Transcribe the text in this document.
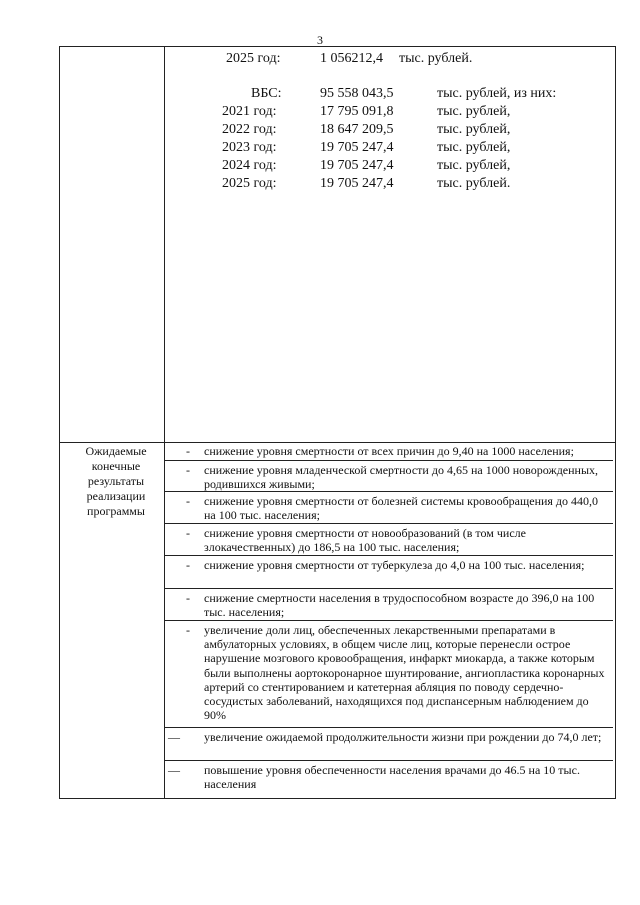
3
2025 год:	1 056212,4 тыс. рублей.
ВБС:	95 558 043,5	тыс. рублей, из них:
2021 год:	17 795 091,8	тыс. рублей,
2022 год:	18 647 209,5	тыс. рублей,
2023 год:	19 705 247,4	тыс. рублей,
2024 год:	19 705 247,4	тыс. рублей,
2025 год:	19 705 247,4	тыс. рублей.
Ожидаемые конечные результаты реализации программы
- снижение уровня смертности от всех причин до 9,40 на 1000 населения;
- снижение уровня младенческой смертности до 4,65 на 1000 новорожденных, родившихся живыми;
- снижение уровня смертности от болезней системы кровообращения до 440,0 на 100 тыс. населения;
- снижение уровня смертности от новообразований (в том числе злокачественных) до 186,5 на 100 тыс. населения;
- снижение уровня смертности от туберкулеза до 4,0 на 100 тыс. населения;
- снижение смертности населения в трудоспособном возрасте до 396,0 на 100 тыс. населения;
- увеличение доли лиц, обеспеченных лекарственными препаратами в амбулаторных условиях, в общем числе лиц, которые перенесли острое нарушение мозгового кровообращения, инфаркт миокарда, а также которым были выполнены аортокоронарное шунтирование, ангиопластика коронарных артерий со стентированием и катетерная абляция по поводу сердечно-сосудистых заболеваний, находящихся под диспансерным наблюдением до 90%
— увеличение ожидаемой продолжительности жизни при рождении до 74,0 лет;
— повышение уровня обеспеченности населения врачами до 46.5 на 10 тыс. населения
